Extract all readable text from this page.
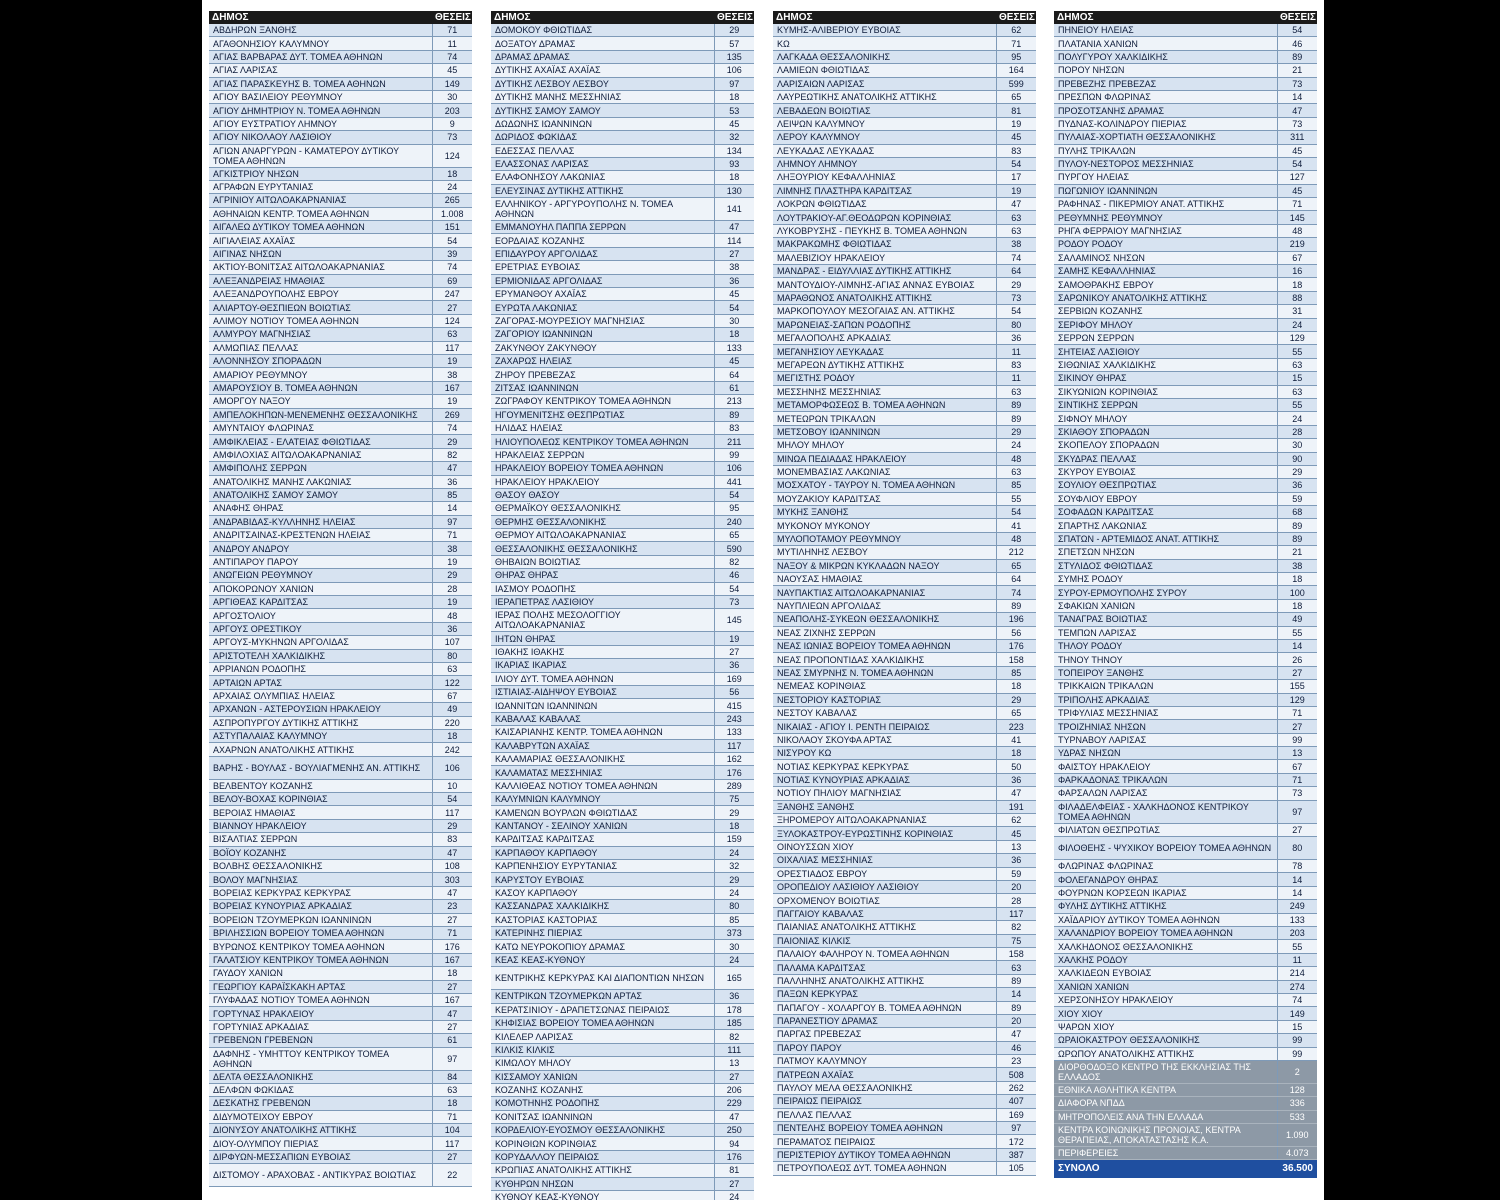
ΔΗΜΟΣ	ΘΕΣΕΙΣ
ΑΒΔΗΡΩΝ ΞΑΝΘΗΣ	71
ΑΓΑΘΟΝΗΣΙΟΥ ΚΑΛΥΜΝΟΥ	11
ΑΓΙΑΣ ΒΑΡΒΑΡΑΣ ΔΥΤ. ΤΟΜΕΑ ΑΘΗΝΩΝ	74
ΑΓΙΑΣ ΛΑΡΙΣΑΣ	45
ΑΓΙΑΣ ΠΑΡΑΣΚΕΥΗΣ Β. ΤΟΜΕΑ ΑΘΗΝΩΝ	149
ΑΓΙΟΥ ΒΑΣΙΛΕΙΟΥ ΡΕΘΥΜΝΟΥ	30
ΑΓΙΟΥ ΔΗΜΗΤΡΙΟΥ Ν. ΤΟΜΕΑ ΑΘΗΝΩΝ	203
ΑΓΙΟΥ ΕΥΣΤΡΑΤΙΟΥ ΛΗΜΝΟΥ	9
ΑΓΙΟΥ ΝΙΚΟΛΑΟΥ ΛΑΣΙΘΙΟΥ	73
ΑΓΙΩΝ ΑΝΑΡΓΥΡΩΝ - ΚΑΜΑΤΕΡΟΥ ΔΥΤΙΚΟΥ ΤΟΜΕΑ ΑΘΗΝΩΝ	124
ΑΓΚΙΣΤΡΙΟΥ ΝΗΣΩΝ	18
ΑΓΡΑΦΩΝ ΕΥΡΥΤΑΝΙΑΣ	24
ΑΓΡΙΝΙΟΥ ΑΙΤΩΛΟΑΚΑΡΝΑΝΙΑΣ	265
ΑΘΗΝΑΙΩΝ ΚΕΝΤΡ. ΤΟΜΕΑ ΑΘΗΝΩΝ	1.008
ΑΙΓΑΛΕΩ ΔΥΤΙΚΟΥ ΤΟΜΕΑ ΑΘΗΝΩΝ	151
ΑΙΓΙΑΛΕΙΑΣ ΑΧΑΪΑΣ	54
ΑΙΓΙΝΑΣ ΝΗΣΩΝ	39
ΑΚΤΙΟΥ-ΒΟΝΙΤΣΑΣ ΑΙΤΩΛΟΑΚΑΡΝΑΝΙΑΣ	74
ΑΛΕΞΑΝΔΡΕΙΑΣ ΗΜΑΘΙΑΣ	69
ΑΛΕΞΑΝΔΡΟΥΠΟΛΗΣ ΕΒΡΟΥ	247
ΑΛΙΑΡΤΟΥ-ΘΕΣΠΙΕΩΝ ΒΟΙΩΤΙΑΣ	27
ΑΛΙΜΟΥ ΝΟΤΙΟΥ ΤΟΜΕΑ ΑΘΗΝΩΝ	124
ΑΛΜΥΡΟΥ ΜΑΓΝΗΣΙΑΣ	63
ΑΛΜΩΠΙΑΣ ΠΕΛΛΑΣ	117
ΑΛΟΝΝΗΣΟΥ ΣΠΟΡΑΔΩΝ	19
ΑΜΑΡΙΟΥ ΡΕΘΥΜΝΟΥ	38
ΑΜΑΡΟΥΣΙΟΥ Β. ΤΟΜΕΑ ΑΘΗΝΩΝ	167
ΑΜΟΡΓΟΥ ΝΑΞΟΥ	19
ΑΜΠΕΛΟΚΗΠΩΝ-ΜΕΝΕΜΕΝΗΣ ΘΕΣΣΑΛΟΝΙΚΗΣ	269
ΑΜΥΝΤΑΙΟΥ ΦΛΩΡΙΝΑΣ	74
ΑΜΦΙΚΛΕΙΑΣ - ΕΛΑΤΕΙΑΣ ΦΘΙΩΤΙΔΑΣ	29
ΑΜΦΙΛΟΧΙΑΣ ΑΙΤΩΛΟΑΚΑΡΝΑΝΙΑΣ	82
ΑΜΦΙΠΟΛΗΣ ΣΕΡΡΩΝ	47
ΑΝΑΤΟΛΙΚΗΣ ΜΑΝΗΣ ΛΑΚΩΝΙΑΣ	36
ΑΝΑΤΟΛΙΚΗΣ ΣΑΜΟΥ ΣΑΜΟΥ	85
ΑΝΑΦΗΣ ΘΗΡΑΣ	14
ΑΝΔΡΑΒΙΔΑΣ-ΚΥΛΛΗΝΗΣ ΗΛΕΙΑΣ	97
ΑΝΔΡΙΤΣΑΙΝΑΣ-ΚΡΕΣΤΕΝΩΝ ΗΛΕΙΑΣ	71
ΑΝΔΡΟΥ ΑΝΔΡΟΥ	38
ΑΝΤΙΠΑΡΟΥ ΠΑΡΟΥ	19
ΑΝΩΓΕΙΩΝ ΡΕΘΥΜΝΟΥ	29
ΑΠΟΚΟΡΩΝΟΥ ΧΑΝΙΩΝ	28
ΑΡΓΙΘΕΑΣ ΚΑΡΔΙΤΣΑΣ	19
ΑΡΓΟΣΤΟΛΙΟΥ	48
ΑΡΓΟΥΣ ΟΡΕΣΤΙΚΟΥ	36
ΑΡΓΟΥΣ-ΜΥΚΗΝΩΝ ΑΡΓΟΛΙΔΑΣ	107
ΑΡΙΣΤΟΤΕΛΗ ΧΑΛΚΙΔΙΚΗΣ	80
ΑΡΡΙΑΝΩΝ ΡΟΔΟΠΗΣ	63
ΑΡΤΑΙΩΝ ΑΡΤΑΣ	122
ΑΡΧΑΙΑΣ ΟΛΥΜΠΙΑΣ ΗΛΕΙΑΣ	67
ΑΡΧΑΝΩΝ - ΑΣΤΕΡΟΥΣΙΩΝ ΗΡΑΚΛΕΙΟΥ	49
ΑΣΠΡΟΠΥΡΓΟΥ ΔΥΤΙΚΗΣ ΑΤΤΙΚΗΣ	220
ΑΣΤΥΠΑΛΑΙΑΣ ΚΑΛΥΜΝΟΥ	18
ΑΧΑΡΝΩΝ ΑΝΑΤΟΛΙΚΗΣ ΑΤΤΙΚΗΣ	242
ΒΑΡΗΣ - ΒΟΥΛΑΣ - ΒΟΥΛΙΑΓΜΕΝΗΣ ΑΝ. ΑΤΤΙΚΗΣ	106
ΒΕΛΒΕΝΤΟΥ ΚΟΖΑΝΗΣ	10
ΒΕΛΟΥ-ΒΟΧΑΣ ΚΟΡΙΝΘΙΑΣ	54
ΒΕΡΟΙΑΣ ΗΜΑΘΙΑΣ	117
ΒΙΑΝΝΟΥ ΗΡΑΚΛΕΙΟΥ	29
ΒΙΣΑΛΤΙΑΣ ΣΕΡΡΩΝ	83
ΒΟΪΟΥ ΚΟΖΑΝΗΣ	47
ΒΟΛΒΗΣ ΘΕΣΣΑΛΟΝΙΚΗΣ	108
ΒΟΛΟΥ ΜΑΓΝΗΣΙΑΣ	303
ΒΟΡΕΙΑΣ ΚΕΡΚΥΡΑΣ ΚΕΡΚΥΡΑΣ	47
ΒΟΡΕΙΑΣ ΚΥΝΟΥΡΙΑΣ ΑΡΚΑΔΙΑΣ	23
ΒΟΡΕΙΩΝ ΤΖΟΥΜΕΡΚΩΝ ΙΩΑΝΝΙΝΩΝ	27
ΒΡΙΛΗΣΣΙΩΝ ΒΟΡΕΙΟΥ ΤΟΜΕΑ ΑΘΗΝΩΝ	71
ΒΥΡΩΝΟΣ ΚΕΝΤΡΙΚΟΥ ΤΟΜΕΑ ΑΘΗΝΩΝ	176
ΓΑΛΑΤΣΙΟΥ ΚΕΝΤΡΙΚΟΥ ΤΟΜΕΑ ΑΘΗΝΩΝ	167
ΓΑΥΔΟΥ ΧΑΝΙΩΝ	18
ΓΕΩΡΓΙΟΥ ΚΑΡΑΪΣΚΑΚΗ ΑΡΤΑΣ	27
ΓΛΥΦΑΔΑΣ ΝΟΤΙΟΥ ΤΟΜΕΑ ΑΘΗΝΩΝ	167
ΓΟΡΤΥΝΑΣ ΗΡΑΚΛΕΙΟΥ	47
ΓΟΡΤΥΝΙΑΣ ΑΡΚΑΔΙΑΣ	27
ΓΡΕΒΕΝΩΝ ΓΡΕΒΕΝΩΝ	61
ΔΑΦΝΗΣ - ΥΜΗΤΤΟΥ ΚΕΝΤΡΙΚΟΥ ΤΟΜΕΑ ΑΘΗΝΩΝ	97
ΔΕΛΤΑ ΘΕΣΣΑΛΟΝΙΚΗΣ	84
ΔΕΛΦΩΝ ΦΩΚΙΔΑΣ	63
ΔΕΣΚΑΤΗΣ ΓΡΕΒΕΝΩΝ	18
ΔΙΔΥΜΟΤΕΙΧΟΥ ΕΒΡΟΥ	71
ΔΙΟΝΥΣΟΥ ΑΝΑΤΟΛΙΚΗΣ ΑΤΤΙΚΗΣ	104
ΔΙΟΥ-ΟΛΥΜΠΟΥ ΠΙΕΡΙΑΣ	117
ΔΙΡΦΥΩΝ-ΜΕΣΣΑΠΙΩΝ ΕΥΒΟΙΑΣ	27
ΔΙΣΤΟΜΟΥ - ΑΡΑΧΟΒΑΣ - ΑΝΤΙΚΥΡΑΣ ΒΟΙΩΤΙΑΣ	22
ΔΗΜΟΣ	ΘΕΣΕΙΣ
ΔΟΜΟΚΟΥ ΦΘΙΩΤΙΔΑΣ	29
ΔΟΞΑΤΟΥ ΔΡΑΜΑΣ	57
ΔΡΑΜΑΣ ΔΡΑΜΑΣ	135
ΔΥΤΙΚΗΣ ΑΧΑΪΑΣ ΑΧΑΪΑΣ	106
ΔΥΤΙΚΗΣ ΛΕΣΒΟΥ ΛΕΣΒΟΥ	97
ΔΥΤΙΚΗΣ ΜΑΝΗΣ ΜΕΣΣΗΝΙΑΣ	18
ΔΥΤΙΚΗΣ ΣΑΜΟΥ ΣΑΜΟΥ	53
ΔΩΔΩΝΗΣ ΙΩΑΝΝΙΝΩΝ	45
ΔΩΡΙΔΟΣ ΦΩΚΙΔΑΣ	32
ΕΔΕΣΣΑΣ ΠΕΛΛΑΣ	134
ΕΛΑΣΣΟΝΑΣ ΛΑΡΙΣΑΣ	93
ΕΛΑΦΟΝΗΣΟΥ ΛΑΚΩΝΙΑΣ	18
ΕΛΕΥΣΙΝΑΣ ΔΥΤΙΚΗΣ ΑΤΤΙΚΗΣ	130
ΕΛΛΗΝΙΚΟΥ - ΑΡΓΥΡΟΥΠΟΛΗΣ Ν. ΤΟΜΕΑ ΑΘΗΝΩΝ	141
ΕΜΜΑΝΟΥΗΛ ΠΑΠΠΑ ΣΕΡΡΩΝ	47
ΕΟΡΔΑΙΑΣ ΚΟΖΑΝΗΣ	114
ΕΠΙΔΑΥΡΟΥ ΑΡΓΟΛΙΔΑΣ	27
ΕΡΕΤΡΙΑΣ ΕΥΒΟΙΑΣ	38
ΕΡΜΙΟΝΙΔΑΣ ΑΡΓΟΛΙΔΑΣ	36
ΕΡΥΜΑΝΘΟΥ ΑΧΑΪΑΣ	45
ΕΥΡΩΤΑ ΛΑΚΩΝΙΑΣ	54
ΖΑΓΟΡΑΣ-ΜΟΥΡΕΣΙΟΥ ΜΑΓΝΗΣΙΑΣ	30
ΖΑΓΟΡΙΟΥ ΙΩΑΝΝΙΝΩΝ	18
ΖΑΚΥΝΘΟΥ ΖΑΚΥΝΘΟΥ	133
ΖΑΧΑΡΩΣ ΗΛΕΙΑΣ	45
ΖΗΡΟΥ ΠΡΕΒΕΖΑΣ	64
ΖΙΤΣΑΣ ΙΩΑΝΝΙΝΩΝ	61
ΖΩΓΡΑΦΟΥ ΚΕΝΤΡΙΚΟΥ ΤΟΜΕΑ ΑΘΗΝΩΝ	213
ΗΓΟΥΜΕΝΙΤΣΗΣ ΘΕΣΠΡΩΤΙΑΣ	89
ΗΛΙΔΑΣ ΗΛΕΙΑΣ	83
ΗΛΙΟΥΠΟΛΕΩΣ ΚΕΝΤΡΙΚΟΥ ΤΟΜΕΑ ΑΘΗΝΩΝ	211
ΗΡΑΚΛΕΙΑΣ ΣΕΡΡΩΝ	99
ΗΡΑΚΛΕΙΟΥ ΒΟΡΕΙΟΥ ΤΟΜΕΑ ΑΘΗΝΩΝ	106
ΗΡΑΚΛΕΙΟΥ ΗΡΑΚΛΕΙΟΥ	441
ΘΑΣΟΥ ΘΑΣΟΥ	54
ΘΕΡΜΑΪΚΟΥ ΘΕΣΣΑΛΟΝΙΚΗΣ	95
ΘΕΡΜΗΣ ΘΕΣΣΑΛΟΝΙΚΗΣ	240
ΘΕΡΜΟΥ ΑΙΤΩΛΟΑΚΑΡΝΑΝΙΑΣ	65
ΘΕΣΣΑΛΟΝΙΚΗΣ ΘΕΣΣΑΛΟΝΙΚΗΣ	590
ΘΗΒΑΙΩΝ ΒΟΙΩΤΙΑΣ	82
ΘΗΡΑΣ ΘΗΡΑΣ	46
ΙΑΣΜΟΥ ΡΟΔΟΠΗΣ	54
ΙΕΡΑΠΕΤΡΑΣ ΛΑΣΙΘΙΟΥ	73
ΙΕΡΑΣ ΠΟΛΗΣ ΜΕΣΟΛΟΓΓΙΟΥ ΑΙΤΩΛΟΑΚΑΡΝΑΝΙΑΣ	145
ΙΗΤΩΝ ΘΗΡΑΣ	19
ΙΘΑΚΗΣ ΙΘΑΚΗΣ	27
ΙΚΑΡΙΑΣ ΙΚΑΡΙΑΣ	36
ΙΛΙΟΥ ΔΥΤ. ΤΟΜΕΑ ΑΘΗΝΩΝ	169
ΙΣΤΙΑΙΑΣ-ΑΙΔΗΨΟΥ ΕΥΒΟΙΑΣ	56
ΙΩΑΝΝΙΤΩΝ ΙΩΑΝΝΙΝΩΝ	415
ΚΑΒΑΛΑΣ ΚΑΒΑΛΑΣ	243
ΚΑΙΣΑΡΙΑΝΗΣ ΚΕΝΤΡ. ΤΟΜΕΑ ΑΘΗΝΩΝ	133
ΚΑΛΑΒΡΥΤΩΝ ΑΧΑΪΑΣ	117
ΚΑΛΑΜΑΡΙΑΣ ΘΕΣΣΑΛΟΝΙΚΗΣ	162
ΚΑΛΑΜΑΤΑΣ ΜΕΣΣΗΝΙΑΣ	176
ΚΑΛΛΙΘΕΑΣ ΝΟΤΙΟΥ ΤΟΜΕΑ ΑΘΗΝΩΝ	289
ΚΑΛΥΜΝΙΩΝ ΚΑΛΥΜΝΟΥ	75
ΚΑΜΕΝΩΝ ΒΟΥΡΛΩΝ ΦΘΙΩΤΙΔΑΣ	29
ΚΑΝΤΑΝΟΥ - ΣΕΛΙΝΟΥ ΧΑΝΙΩΝ	18
ΚΑΡΔΙΤΣΑΣ ΚΑΡΔΙΤΣΑΣ	159
ΚΑΡΠΑΘΟΥ ΚΑΡΠΑΘΟΥ	24
ΚΑΡΠΕΝΗΣΙΟΥ ΕΥΡΥΤΑΝΙΑΣ	32
ΚΑΡΥΣΤΟΥ ΕΥΒΟΙΑΣ	29
ΚΑΣΟΥ ΚΑΡΠΑΘΟΥ	24
ΚΑΣΣΑΝΔΡΑΣ ΧΑΛΚΙΔΙΚΗΣ	80
ΚΑΣΤΟΡΙΑΣ ΚΑΣΤΟΡΙΑΣ	85
ΚΑΤΕΡΙΝΗΣ ΠΙΕΡΙΑΣ	373
ΚΑΤΩ ΝΕΥΡΟΚΟΠΙΟΥ ΔΡΑΜΑΣ	30
ΚΕΑΣ ΚΕΑΣ-ΚΥΘΝΟΥ	24
ΚΕΝΤΡΙΚΗΣ ΚΕΡΚΥΡΑΣ ΚΑΙ ΔΙΑΠΟΝΤΙΩΝ ΝΗΣΩΝ	165
ΚΕΝΤΡΙΚΩΝ ΤΖΟΥΜΕΡΚΩΝ ΑΡΤΑΣ	36
ΚΕΡΑΤΣΙΝΙΟΥ - ΔΡΑΠΕΤΣΩΝΑΣ ΠΕΙΡΑΙΩΣ	178
ΚΗΦΙΣΙΑΣ ΒΟΡΕΙΟΥ ΤΟΜΕΑ ΑΘΗΝΩΝ	185
ΚΙΛΕΛΕΡ ΛΑΡΙΣΑΣ	82
ΚΙΛΚΙΣ ΚΙΛΚΙΣ	111
ΚΙΜΩΛΟΥ ΜΗΛΟΥ	13
ΚΙΣΣΑΜΟΥ ΧΑΝΙΩΝ	27
ΚΟΖΑΝΗΣ ΚΟΖΑΝΗΣ	206
ΚΟΜΟΤΗΝΗΣ ΡΟΔΟΠΗΣ	229
ΚΟΝΙΤΣΑΣ ΙΩΑΝΝΙΝΩΝ	47
ΚΟΡΔΕΛΙΟΥ-ΕΥΟΣΜΟΥ ΘΕΣΣΑΛΟΝΙΚΗΣ	250
ΚΟΡΙΝΘΙΩΝ ΚΟΡΙΝΘΙΑΣ	94
ΚΟΡΥΔΑΛΛΟΥ ΠΕΙΡΑΙΩΣ	176
ΚΡΩΠΙΑΣ ΑΝΑΤΟΛΙΚΗΣ ΑΤΤΙΚΗΣ	81
ΚΥΘΗΡΩΝ ΝΗΣΩΝ	27
ΚΥΘΝΟΥ ΚΕΑΣ-ΚΥΘΝΟΥ	24
ΔΗΜΟΣ	ΘΕΣΕΙΣ
ΚΥΜΗΣ-ΑΛΙΒΕΡΙΟΥ ΕΥΒΟΙΑΣ	62
ΚΩ	71
ΛΑΓΚΑΔΑ ΘΕΣΣΑΛΟΝΙΚΗΣ	95
ΛΑΜΙΕΩΝ ΦΘΙΩΤΙΔΑΣ	164
ΛΑΡΙΣΑΙΩΝ ΛΑΡΙΣΑΣ	599
ΛΑΥΡΕΩΤΙΚΗΣ ΑΝΑΤΟΛΙΚΗΣ ΑΤΤΙΚΗΣ	65
ΛΕΒΑΔΕΩΝ ΒΟΙΩΤΙΑΣ	81
ΛΕΙΨΩΝ ΚΑΛΥΜΝΟΥ	19
ΛΕΡΟΥ ΚΑΛΥΜΝΟΥ	45
ΛΕΥΚΑΔΑΣ ΛΕΥΚΑΔΑΣ	83
ΛΗΜΝΟΥ ΛΗΜΝΟΥ	54
ΛΗΞΟΥΡΙΟΥ ΚΕΦΑΛΛΗΝΙΑΣ	17
ΛΙΜΝΗΣ ΠΛΑΣΤΗΡΑ ΚΑΡΔΙΤΣΑΣ	19
ΛΟΚΡΩΝ ΦΘΙΩΤΙΔΑΣ	47
ΛΟΥΤΡΑΚΙΟΥ-ΑΓ.ΘΕΟΔΩΡΩΝ ΚΟΡΙΝΘΙΑΣ	63
ΛΥΚΟΒΡΥΣΗΣ - ΠΕΥΚΗΣ Β. ΤΟΜΕΑ ΑΘΗΝΩΝ	63
ΜΑΚΡΑΚΩΜΗΣ ΦΘΙΩΤΙΔΑΣ	38
ΜΑΛΕΒΙΖΙΟΥ ΗΡΑΚΛΕΙΟΥ	74
ΜΑΝΔΡΑΣ - ΕΙΔΥΛΛΙΑΣ ΔΥΤΙΚΗΣ ΑΤΤΙΚΗΣ	64
ΜΑΝΤΟΥΔΙΟΥ-ΛΙΜΝΗΣ-ΑΓΙΑΣ ΑΝΝΑΣ ΕΥΒΟΙΑΣ	29
ΜΑΡΑΘΩΝΟΣ ΑΝΑΤΟΛΙΚΗΣ ΑΤΤΙΚΗΣ	73
ΜΑΡΚΟΠΟΥΛΟΥ ΜΕΣΟΓΑΙΑΣ ΑΝ. ΑΤΤΙΚΗΣ	54
ΜΑΡΩΝΕΙΑΣ-ΣΑΠΩΝ ΡΟΔΟΠΗΣ	80
ΜΕΓΑΛΟΠΟΛΗΣ ΑΡΚΑΔΙΑΣ	36
ΜΕΓΑΝΗΣΙΟΥ ΛΕΥΚΑΔΑΣ	11
ΜΕΓΑΡΕΩΝ ΔΥΤΙΚΗΣ ΑΤΤΙΚΗΣ	83
ΜΕΓΙΣΤΗΣ ΡΟΔΟΥ	11
ΜΕΣΣΗΝΗΣ ΜΕΣΣΗΝΙΑΣ	63
ΜΕΤΑΜΟΡΦΩΣΕΩΣ Β. ΤΟΜΕΑ ΑΘΗΝΩΝ	89
ΜΕΤΕΩΡΩΝ ΤΡΙΚΑΛΩΝ	89
ΜΕΤΣΟΒΟΥ ΙΩΑΝΝΙΝΩΝ	29
ΜΗΛΟΥ ΜΗΛΟΥ	24
ΜΙΝΩΑ ΠΕΔΙΑΔΑΣ ΗΡΑΚΛΕΙΟΥ	48
ΜΟΝΕΜΒΑΣΙΑΣ ΛΑΚΩΝΙΑΣ	63
ΜΟΣΧΑΤΟΥ - ΤΑΥΡΟΥ Ν. ΤΟΜΕΑ ΑΘΗΝΩΝ	85
ΜΟΥΖΑΚΙΟΥ ΚΑΡΔΙΤΣΑΣ	55
ΜΥΚΗΣ ΞΑΝΘΗΣ	54
ΜΥΚΟΝΟΥ ΜΥΚΟΝΟΥ	41
ΜΥΛΟΠΟΤΑΜΟΥ ΡΕΘΥΜΝΟΥ	48
ΜΥΤΙΛΗΝΗΣ ΛΕΣΒΟΥ	212
ΝΑΞΟΥ & ΜΙΚΡΩΝ ΚΥΚΛΑΔΩΝ ΝΑΞΟΥ	65
ΝΑΟΥΣΑΣ ΗΜΑΘΙΑΣ	64
ΝΑΥΠΑΚΤΙΑΣ ΑΙΤΩΛΟΑΚΑΡΝΑΝΙΑΣ	74
ΝΑΥΠΛΙΕΩΝ ΑΡΓΟΛΙΔΑΣ	89
ΝΕΑΠΟΛΗΣ-ΣΥΚΕΩΝ ΘΕΣΣΑΛΟΝΙΚΗΣ	196
ΝΕΑΣ ΖΙΧΝΗΣ ΣΕΡΡΩΝ	56
ΝΕΑΣ ΙΩΝΙΑΣ ΒΟΡΕΙΟΥ ΤΟΜΕΑ ΑΘΗΝΩΝ	176
ΝΕΑΣ ΠΡΟΠΟΝΤΙΔΑΣ ΧΑΛΚΙΔΙΚΗΣ	158
ΝΕΑΣ ΣΜΥΡΝΗΣ Ν. ΤΟΜΕΑ ΑΘΗΝΩΝ	85
ΝΕΜΕΑΣ ΚΟΡΙΝΘΙΑΣ	18
ΝΕΣΤΟΡΙΟΥ ΚΑΣΤΟΡΙΑΣ	29
ΝΕΣΤΟΥ ΚΑΒΑΛΑΣ	65
ΝΙΚΑΙΑΣ - ΑΓΙΟΥ Ι. ΡΕΝΤΗ ΠΕΙΡΑΙΩΣ	223
ΝΙΚΟΛΑΟΥ ΣΚΟΥΦΑ ΑΡΤΑΣ	41
ΝΙΣΥΡΟΥ ΚΩ	18
ΝΟΤΙΑΣ ΚΕΡΚΥΡΑΣ ΚΕΡΚΥΡΑΣ	50
ΝΟΤΙΑΣ ΚΥΝΟΥΡΙΑΣ ΑΡΚΑΔΙΑΣ	36
ΝΟΤΙΟΥ ΠΗΛΙΟΥ ΜΑΓΝΗΣΙΑΣ	47
ΞΑΝΘΗΣ ΞΑΝΘΗΣ	191
ΞΗΡΟΜΕΡΟΥ ΑΙΤΩΛΟΑΚΑΡΝΑΝΙΑΣ	62
ΞΥΛΟΚΑΣΤΡΟΥ-ΕΥΡΩΣΤΙΝΗΣ ΚΟΡΙΝΘΙΑΣ	45
ΟΙΝΟΥΣΣΩΝ ΧΙΟΥ	13
ΟΙΧΑΛΙΑΣ ΜΕΣΣΗΝΙΑΣ	36
ΟΡΕΣΤΙΑΔΟΣ ΕΒΡΟΥ	59
ΟΡΟΠΕΔΙΟΥ ΛΑΣΙΘΙΟΥ ΛΑΣΙΘΙΟΥ	20
ΟΡΧΟΜΕΝΟΥ ΒΟΙΩΤΙΑΣ	28
ΠΑΓΓΑΙΟΥ ΚΑΒΑΛΑΣ	117
ΠΑΙΑΝΙΑΣ ΑΝΑΤΟΛΙΚΗΣ ΑΤΤΙΚΗΣ	82
ΠΑΙΟΝΙΑΣ ΚΙΛΚΙΣ	75
ΠΑΛΑΙΟΥ ΦΑΛΗΡΟΥ Ν. ΤΟΜΕΑ ΑΘΗΝΩΝ	158
ΠΑΛΑΜΑ ΚΑΡΔΙΤΣΑΣ	63
ΠΑΛΛΗΝΗΣ ΑΝΑΤΟΛΙΚΗΣ ΑΤΤΙΚΗΣ	89
ΠΑΞΩΝ ΚΕΡΚΥΡΑΣ	14
ΠΑΠΑΓΟΥ - ΧΟΛΑΡΓΟΥ Β. ΤΟΜΕΑ ΑΘΗΝΩΝ	89
ΠΑΡΑΝΕΣΤΙΟΥ ΔΡΑΜΑΣ	20
ΠΑΡΓΑΣ ΠΡΕΒΕΖΑΣ	47
ΠΑΡΟΥ ΠΑΡΟΥ	46
ΠΑΤΜΟΥ ΚΑΛΥΜΝΟΥ	23
ΠΑΤΡΕΩΝ ΑΧΑΪΑΣ	508
ΠΑΥΛΟΥ ΜΕΛΑ ΘΕΣΣΑΛΟΝΙΚΗΣ	262
ΠΕΙΡΑΙΩΣ ΠΕΙΡΑΙΩΣ	407
ΠΕΛΛΑΣ ΠΕΛΛΑΣ	169
ΠΕΝΤΕΛΗΣ ΒΟΡΕΙΟΥ ΤΟΜΕΑ ΑΘΗΝΩΝ	97
ΠΕΡΑΜΑΤΟΣ ΠΕΙΡΑΙΩΣ	172
ΠΕΡΙΣΤΕΡΙΟΥ ΔΥΤΙΚΟΥ ΤΟΜΕΑ ΑΘΗΝΩΝ	387
ΠΕΤΡΟΥΠΟΛΕΩΣ ΔΥΤ. ΤΟΜΕΑ ΑΘΗΝΩΝ	105
ΔΗΜΟΣ	ΘΕΣΕΙΣ
ΠΗΝΕΙΟΥ ΗΛΕΙΑΣ	54
ΠΛΑΤΑΝΙΑ ΧΑΝΙΩΝ	46
ΠΟΛΥΓΥΡΟΥ ΧΑΛΚΙΔΙΚΗΣ	89
ΠΟΡΟΥ ΝΗΣΩΝ	21
ΠΡΕΒΕΖΗΣ ΠΡΕΒΕΖΑΣ	73
ΠΡΕΣΠΩΝ ΦΛΩΡΙΝΑΣ	14
ΠΡΟΣΟΤΣΑΝΗΣ ΔΡΑΜΑΣ	47
ΠΥΔΝΑΣ-ΚΟΛΙΝΔΡΟΥ ΠΙΕΡΙΑΣ	73
ΠΥΛΑΙΑΣ-ΧΟΡΤΙΑΤΗ ΘΕΣΣΑΛΟΝΙΚΗΣ	311
ΠΥΛΗΣ ΤΡΙΚΑΛΩΝ	45
ΠΥΛΟΥ-ΝΕΣΤΟΡΟΣ ΜΕΣΣΗΝΙΑΣ	54
ΠΥΡΓΟΥ ΗΛΕΙΑΣ	127
ΠΩΓΩΝΙΟΥ ΙΩΑΝΝΙΝΩΝ	45
ΡΑΦΗΝΑΣ - ΠΙΚΕΡΜΙΟΥ ΑΝΑΤ. ΑΤΤΙΚΗΣ	71
ΡΕΘΥΜΝΗΣ ΡΕΘΥΜΝΟΥ	145
ΡΗΓΑ ΦΕΡΡΑΙΟΥ ΜΑΓΝΗΣΙΑΣ	48
ΡΟΔΟΥ ΡΟΔΟΥ	219
ΣΑΛΑΜΙΝΟΣ ΝΗΣΩΝ	67
ΣΑΜΗΣ ΚΕΦΑΛΛΗΝΙΑΣ	16
ΣΑΜΟΘΡΑΚΗΣ ΕΒΡΟΥ	18
ΣΑΡΩΝΙΚΟΥ ΑΝΑΤΟΛΙΚΗΣ ΑΤΤΙΚΗΣ	88
ΣΕΡΒΙΩΝ ΚΟΖΑΝΗΣ	31
ΣΕΡΙΦΟΥ ΜΗΛΟΥ	24
ΣΕΡΡΩΝ ΣΕΡΡΩΝ	129
ΣΗΤΕΙΑΣ ΛΑΣΙΘΙΟΥ	55
ΣΙΘΩΝΙΑΣ ΧΑΛΚΙΔΙΚΗΣ	63
ΣΙΚΙΝΟΥ ΘΗΡΑΣ	15
ΣΙΚΥΩΝΙΩΝ ΚΟΡΙΝΘΙΑΣ	63
ΣΙΝΤΙΚΗΣ ΣΕΡΡΩΝ	55
ΣΙΦΝΟΥ ΜΗΛΟΥ	24
ΣΚΙΑΘΟΥ ΣΠΟΡΑΔΩΝ	28
ΣΚΟΠΕΛΟΥ ΣΠΟΡΑΔΩΝ	30
ΣΚΥΔΡΑΣ ΠΕΛΛΑΣ	90
ΣΚΥΡΟΥ ΕΥΒΟΙΑΣ	29
ΣΟΥΛΙΟΥ ΘΕΣΠΡΩΤΙΑΣ	36
ΣΟΥΦΛΙΟΥ ΕΒΡΟΥ	59
ΣΟΦΑΔΩΝ ΚΑΡΔΙΤΣΑΣ	68
ΣΠΑΡΤΗΣ ΛΑΚΩΝΙΑΣ	89
ΣΠΑΤΩΝ - ΑΡΤΕΜΙΔΟΣ ΑΝΑΤ. ΑΤΤΙΚΗΣ	89
ΣΠΕΤΣΩΝ ΝΗΣΩΝ	21
ΣΤΥΛΙΔΟΣ ΦΘΙΩΤΙΔΑΣ	38
ΣΥΜΗΣ ΡΟΔΟΥ	18
ΣΥΡΟΥ-ΕΡΜΟΥΠΟΛΗΣ ΣΥΡΟΥ	100
ΣΦΑΚΙΩΝ ΧΑΝΙΩΝ	18
ΤΑΝΑΓΡΑΣ ΒΟΙΩΤΙΑΣ	49
ΤΕΜΠΩΝ ΛΑΡΙΣΑΣ	55
ΤΗΛΟΥ ΡΟΔΟΥ	14
ΤΗΝΟΥ ΤΗΝΟΥ	26
ΤΟΠΕΙΡΟΥ ΞΑΝΘΗΣ	27
ΤΡΙΚΚΑΙΩΝ ΤΡΙΚΑΛΩΝ	155
ΤΡΙΠΟΛΗΣ ΑΡΚΑΔΙΑΣ	129
ΤΡΙΦΥΛΙΑΣ ΜΕΣΣΗΝΙΑΣ	71
ΤΡΟΙΖΗΝΙΑΣ ΝΗΣΩΝ	27
ΤΥΡΝΑΒΟΥ ΛΑΡΙΣΑΣ	99
ΥΔΡΑΣ ΝΗΣΩΝ	13
ΦΑΙΣΤΟΥ ΗΡΑΚΛΕΙΟΥ	67
ΦΑΡΚΑΔΟΝΑΣ ΤΡΙΚΑΛΩΝ	71
ΦΑΡΣΑΛΩΝ ΛΑΡΙΣΑΣ	73
ΦΙΛΑΔΕΛΦΕΙΑΣ - ΧΑΛΚΗΔΟΝΟΣ ΚΕΝΤΡΙΚΟΥ ΤΟΜΕΑ ΑΘΗΝΩΝ	97
ΦΙΛΙΑΤΩΝ ΘΕΣΠΡΩΤΙΑΣ	27
ΦΙΛΟΘΕΗΣ - ΨΥΧΙΚΟΥ ΒΟΡΕΙΟΥ ΤΟΜΕΑ ΑΘΗΝΩΝ	80
ΦΛΩΡΙΝΑΣ ΦΛΩΡΙΝΑΣ	78
ΦΟΛΕΓΑΝΔΡΟΥ ΘΗΡΑΣ	14
ΦΟΥΡΝΩΝ ΚΟΡΣΕΩΝ ΙΚΑΡΙΑΣ	14
ΦΥΛΗΣ ΔΥΤΙΚΗΣ ΑΤΤΙΚΗΣ	249
ΧΑΪΔΑΡΙΟΥ ΔΥΤΙΚΟΥ ΤΟΜΕΑ ΑΘΗΝΩΝ	133
ΧΑΛΑΝΔΡΙΟΥ ΒΟΡΕΙΟΥ ΤΟΜΕΑ ΑΘΗΝΩΝ	203
ΧΑΛΚΗΔΟΝΟΣ ΘΕΣΣΑΛΟΝΙΚΗΣ	55
ΧΑΛΚΗΣ ΡΟΔΟΥ	11
ΧΑΛΚΙΔΕΩΝ ΕΥΒΟΙΑΣ	214
ΧΑΝΙΩΝ ΧΑΝΙΩΝ	274
ΧΕΡΣΟΝΗΣΟΥ ΗΡΑΚΛΕΙΟΥ	74
ΧΙΟΥ ΧΙΟΥ	149
ΨΑΡΩΝ ΧΙΟΥ	15
ΩΡΑΙΟΚΑΣΤΡΟΥ ΘΕΣΣΑΛΟΝΙΚΗΣ	99
ΩΡΩΠΟΥ ΑΝΑΤΟΛΙΚΗΣ ΑΤΤΙΚΗΣ	99
ΔΙΟΡΘΟΔΟΞΟ ΚΕΝΤΡΟ ΤΗΣ ΕΚΚΛΗΣΙΑΣ ΤΗΣ ΕΛΛΑΔΟΣ	2
ΕΘΝΙΚΑ ΑΘΛΗΤΙΚΑ ΚΕΝΤΡΑ	128
ΔΙΑΦΟΡΑ ΝΠΔΔ	336
ΜΗΤΡΟΠΟΛΕΙΣ ΑΝΑ ΤΗΝ ΕΛΛΑΔΑ	533
ΚΕΝΤΡΑ ΚΟΙΝΩΝΙΚΗΣ ΠΡΟΝΟΙΑΣ, ΚΕΝΤΡΑ ΘΕΡΑΠΕΙΑΣ, ΑΠΟΚΑΤΑΣΤΑΣΗΣ Κ.Α.	1.090
ΠΕΡΙΦΕΡΕΙΕΣ	4.073
ΣΥΝΟΛΟ	36.500
